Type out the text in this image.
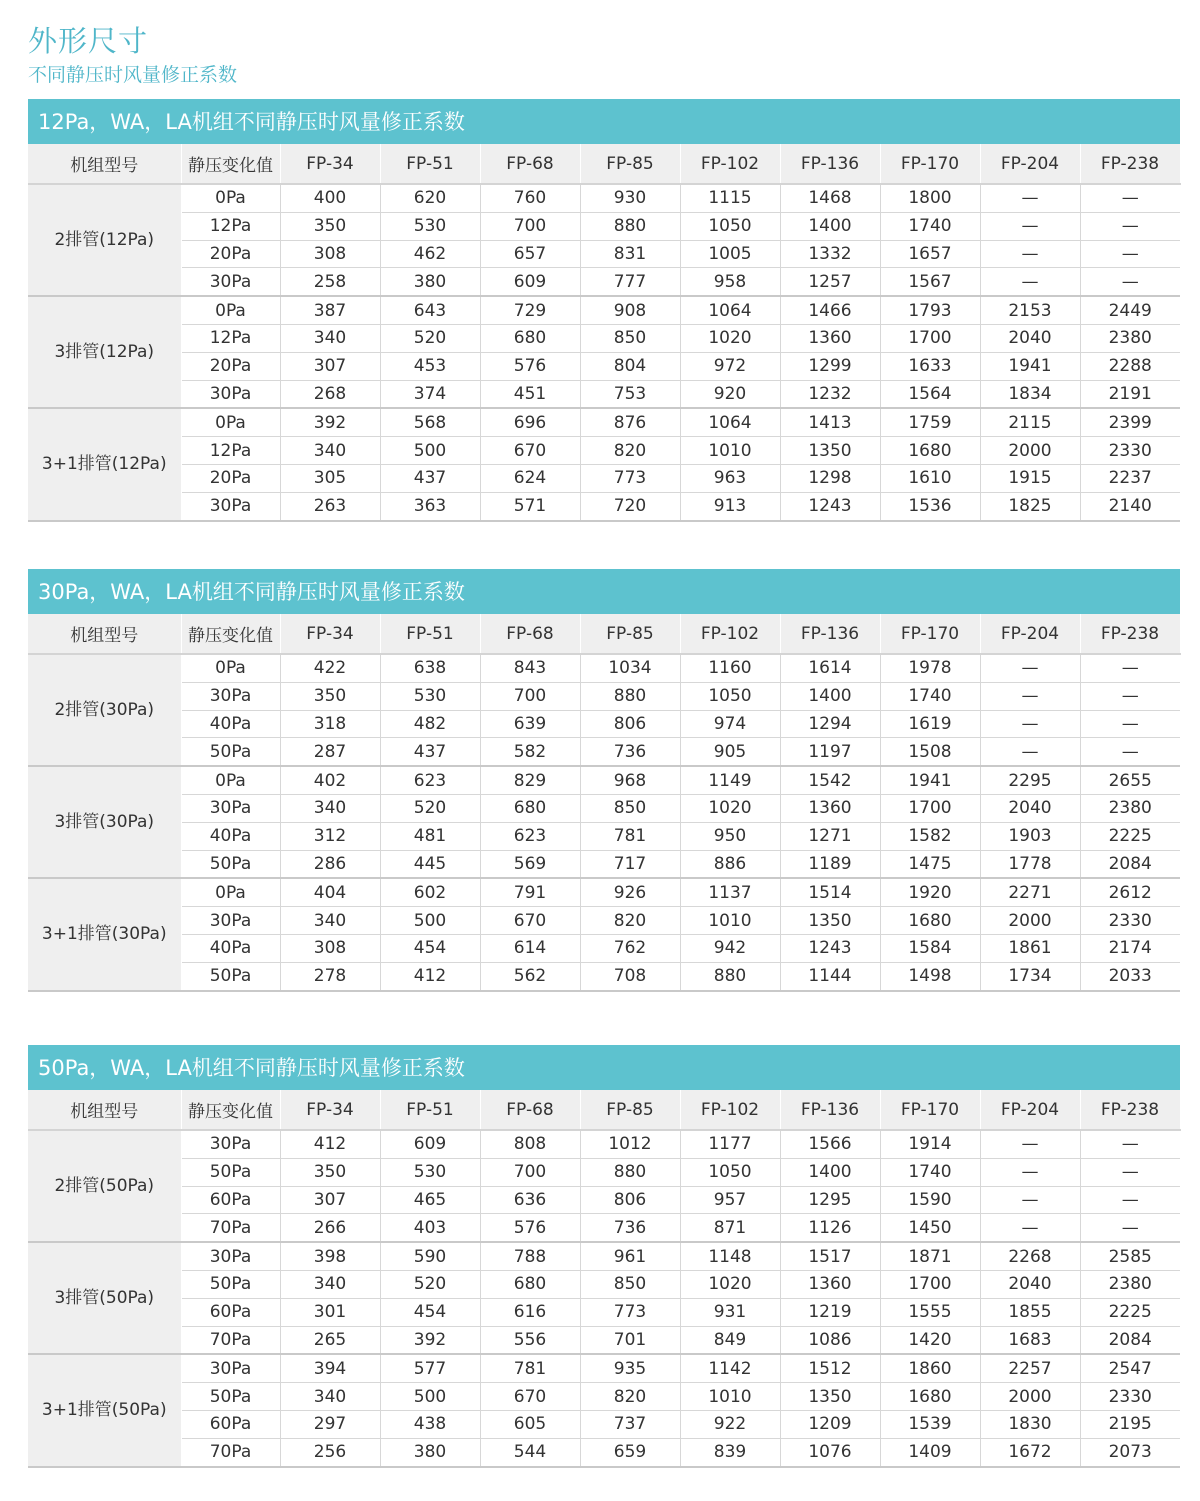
外形尺寸
不同静压时风量修正系数
12Pa，WA，LA机组不同静压时风量修正系数
机组型号	静压变化值	FP-34	FP-51	FP-68	FP-85	FP-102	FP-136	FP-170	FP-204	FP-238
2排管(12Pa)	0Pa	400	620	760	930	1115	1468	1800	—	—
	12Pa	350	530	700	880	1050	1400	1740	—	—
	20Pa	308	462	657	831	1005	1332	1657	—	—
	30Pa	258	380	609	777	958	1257	1567	—	—
3排管(12Pa)	0Pa	387	643	729	908	1064	1466	1793	2153	2449
	12Pa	340	520	680	850	1020	1360	1700	2040	2380
	20Pa	307	453	576	804	972	1299	1633	1941	2288
	30Pa	268	374	451	753	920	1232	1564	1834	2191
3+1排管(12Pa)	0Pa	392	568	696	876	1064	1413	1759	2115	2399
	12Pa	340	500	670	820	1010	1350	1680	2000	2330
	20Pa	305	437	624	773	963	1298	1610	1915	2237
	30Pa	263	363	571	720	913	1243	1536	1825	2140
30Pa，WA，LA机组不同静压时风量修正系数
机组型号	静压变化值	FP-34	FP-51	FP-68	FP-85	FP-102	FP-136	FP-170	FP-204	FP-238
2排管(30Pa)	0Pa	422	638	843	1034	1160	1614	1978	—	—
	30Pa	350	530	700	880	1050	1400	1740	—	—
	40Pa	318	482	639	806	974	1294	1619	—	—
	50Pa	287	437	582	736	905	1197	1508	—	—
3排管(30Pa)	0Pa	402	623	829	968	1149	1542	1941	2295	2655
	30Pa	340	520	680	850	1020	1360	1700	2040	2380
	40Pa	312	481	623	781	950	1271	1582	1903	2225
	50Pa	286	445	569	717	886	1189	1475	1778	2084
3+1排管(30Pa)	0Pa	404	602	791	926	1137	1514	1920	2271	2612
	30Pa	340	500	670	820	1010	1350	1680	2000	2330
	40Pa	308	454	614	762	942	1243	1584	1861	2174
	50Pa	278	412	562	708	880	1144	1498	1734	2033
50Pa，WA，LA机组不同静压时风量修正系数
机组型号	静压变化值	FP-34	FP-51	FP-68	FP-85	FP-102	FP-136	FP-170	FP-204	FP-238
2排管(50Pa)	30Pa	412	609	808	1012	1177	1566	1914	—	—
	50Pa	350	530	700	880	1050	1400	1740	—	—
	60Pa	307	465	636	806	957	1295	1590	—	—
	70Pa	266	403	576	736	871	1126	1450	—	—
3排管(50Pa)	30Pa	398	590	788	961	1148	1517	1871	2268	2585
	50Pa	340	520	680	850	1020	1360	1700	2040	2380
	60Pa	301	454	616	773	931	1219	1555	1855	2225
	70Pa	265	392	556	701	849	1086	1420	1683	2084
3+1排管(50Pa)	30Pa	394	577	781	935	1142	1512	1860	2257	2547
	50Pa	340	500	670	820	1010	1350	1680	2000	2330
	60Pa	297	438	605	737	922	1209	1539	1830	2195
	70Pa	256	380	544	659	839	1076	1409	1672	2073
